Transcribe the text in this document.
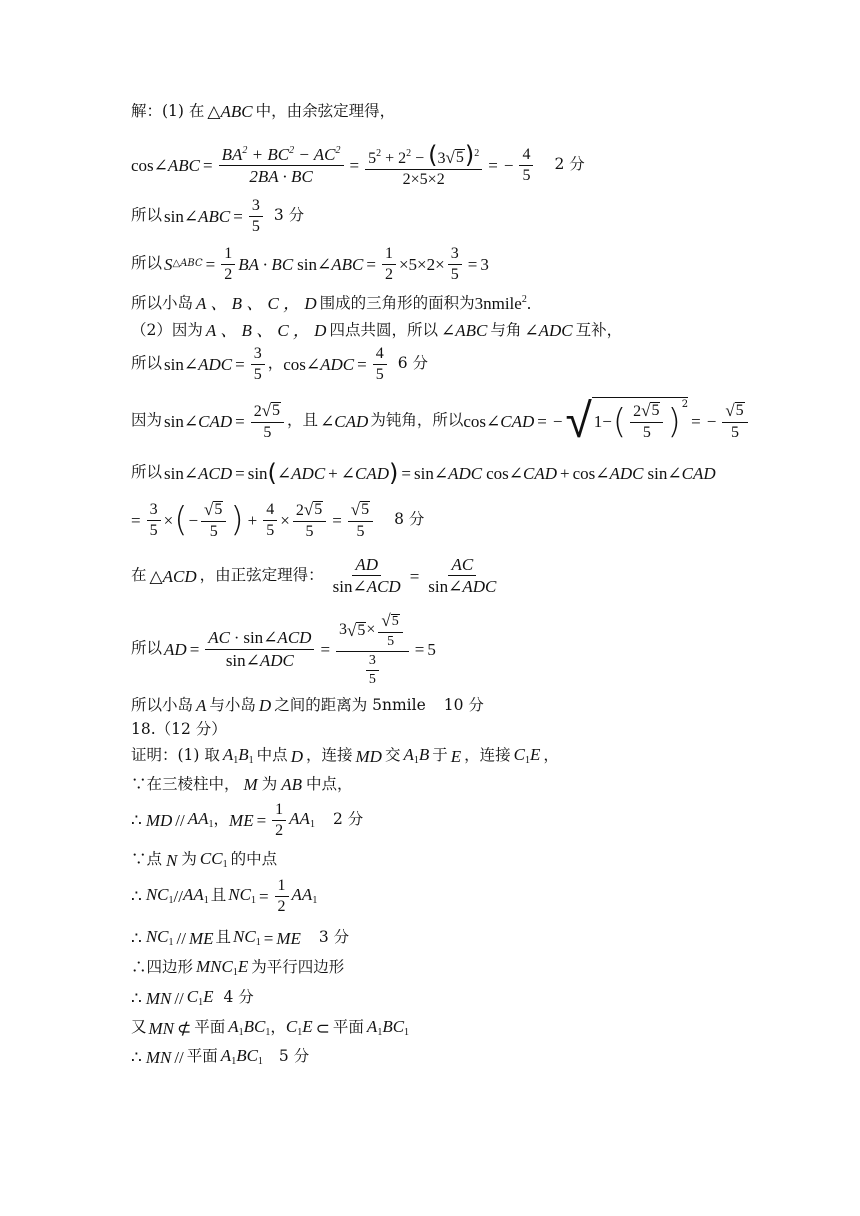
解：(1) 在 △ABC 中，由余弦定理得，
cos ∠ABC = $\frac{BA^2 + BC^2 - AC^2}{2BA \cdot BC} = \frac{5^2 + 2^2 - (3 √ 5 )^2}{2\times 5\times 2}$ = − $\frac{4}{5} 2$ 分
所以 sin ∠ABC = $\frac{3}{5} 3$ 分
所以 S △ABC = $\frac{1}{2}$ BA · BC sin ∠ABC = $\frac{1}{2} \times 5\times 2\times \frac{3}{5} = 3$
所以小岛 A 、 B 、 C ， D 围成的三角形的面积为 3nmile$^2$ .
（2）因为 A 、 B 、 C ， D 四点共圆，所以 ∠ABC 与角 ∠ADC 互补，
所以 sin ∠ADC = $\frac{3}{5}$ ， cos ∠ADC = $\frac{4}{5} 6$ 分
因为 sin ∠CAD = $\frac{2 √ 5}{5}$ ，且 ∠CAD 为钝角，所以 cos ∠CAD = − √ 1− ( $\frac{2 √ 5}{5}$ ) 2
= − $\frac{√ 5}{5}$
所以 sin ∠ACD = sin ( ∠ADC + ∠CAD ) = sin ∠ADC cos ∠CAD + cos ∠ADC sin ∠CAD
= $\frac{3}{5}$ × ( − $\frac{√ 5}{5}$ ) + $\frac{4}{5} \times \frac{2 √ 5}{5} = \frac{√ 5}{5} 8$ 分
在 △ACD ，由正弦定理得： $\frac{AD}{\text{sin∠ACD}} = \frac{AC}{\text{sin∠ADC}}$
所以 AD = $\frac{\text{AC · sin∠ACD}}{\text{sin∠ADC}} = \frac{3 √ 5 \times \frac{√ 5}{5}}{\frac{3}{5}} = 5$
所以小岛 A 与小岛 D 之间的距离为 5nmile 10 分
18.（12 分）
证明：(1) 取 $A_1B_1$ 中点 D ，连接 MD 交 $A_1B$ 于 E ，连接 $C_1E$ ，
∵在三棱柱中， M 为 AB 中点，
∴ MD // $AA_1$ ， ME = $\frac{1}{2} AA_1$ 2 分
∵点 N 为 $CC_1$ 的中点
∴ $NC_1 // AA_1$ 且 $NC_1 = \frac{1}{2} AA_1$
∴ $NC_1$ // ME 且 $NC_1$ = ME 3 分
∴四边形 $MNC_1E$ 为平行四边形
∴ MN // $C_1E$ 4 分
又 MN ⊄ 平面 $A_1BC_1$ ， $C_1E$ ⊂ 平面 $A_1BC_1$
∴ MN // 平面 $A_1BC_1$ 5 分
